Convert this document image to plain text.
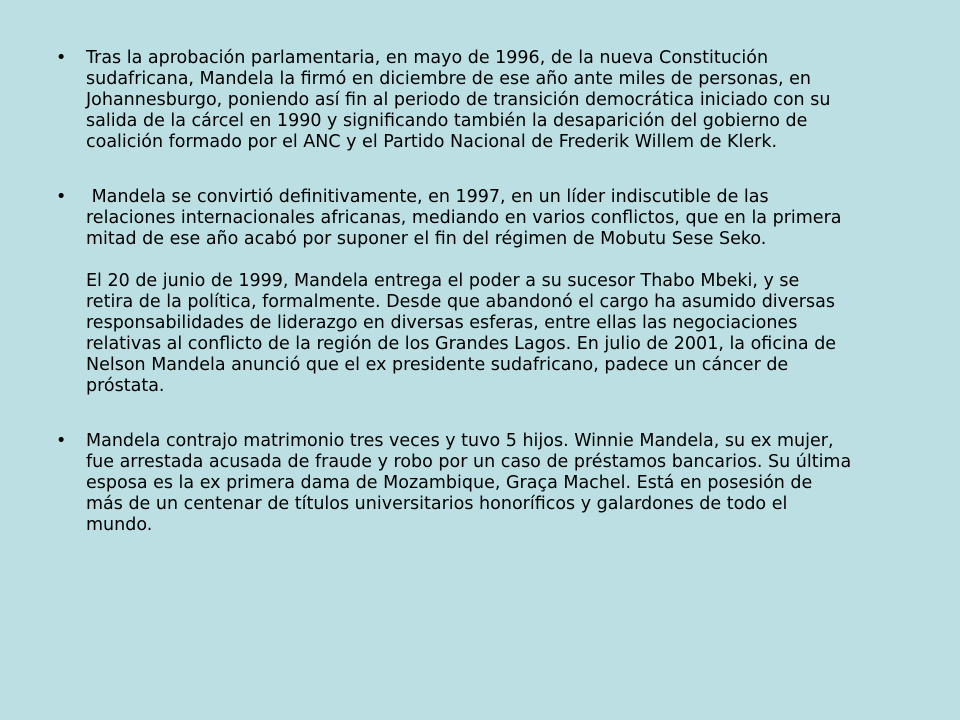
• Tras la aprobación parlamentaria, en mayo de 1996, de la nueva Constitución sudafricana, Mandela la firmó en diciembre de ese año ante miles de personas, en Johannesburgo, poniendo así fin al periodo de transición democrática iniciado con su salida de la cárcel en 1990 y significando también la desaparición del gobierno de coalición formado por el ANC y el Partido Nacional de Frederik Willem de Klerk.
• Mandela se convirtió definitivamente, en 1997, en un líder indiscutible de las relaciones internacionales africanas, mediando en varios conflictos, que en la primera mitad de ese año acabó por suponer el fin del régimen de Mobutu Sese Seko.
El 20 de junio de 1999, Mandela entrega el poder a su sucesor Thabo Mbeki, y se retira de la política, formalmente. Desde que abandonó el cargo ha asumido diversas responsabilidades de liderazgo en diversas esferas, entre ellas las negociaciones relativas al conflicto de la región de los Grandes Lagos. En julio de 2001, la oficina de Nelson Mandela anunció que el ex presidente sudafricano, padece un cáncer de próstata.
• Mandela contrajo matrimonio tres veces y tuvo 5 hijos. Winnie Mandela, su ex mujer, fue arrestada acusada de fraude y robo por un caso de préstamos bancarios. Su última esposa es la ex primera dama de Mozambique, Graça Machel. Está en posesión de más de un centenar de títulos universitarios honoríficos y galardones de todo el mundo.
